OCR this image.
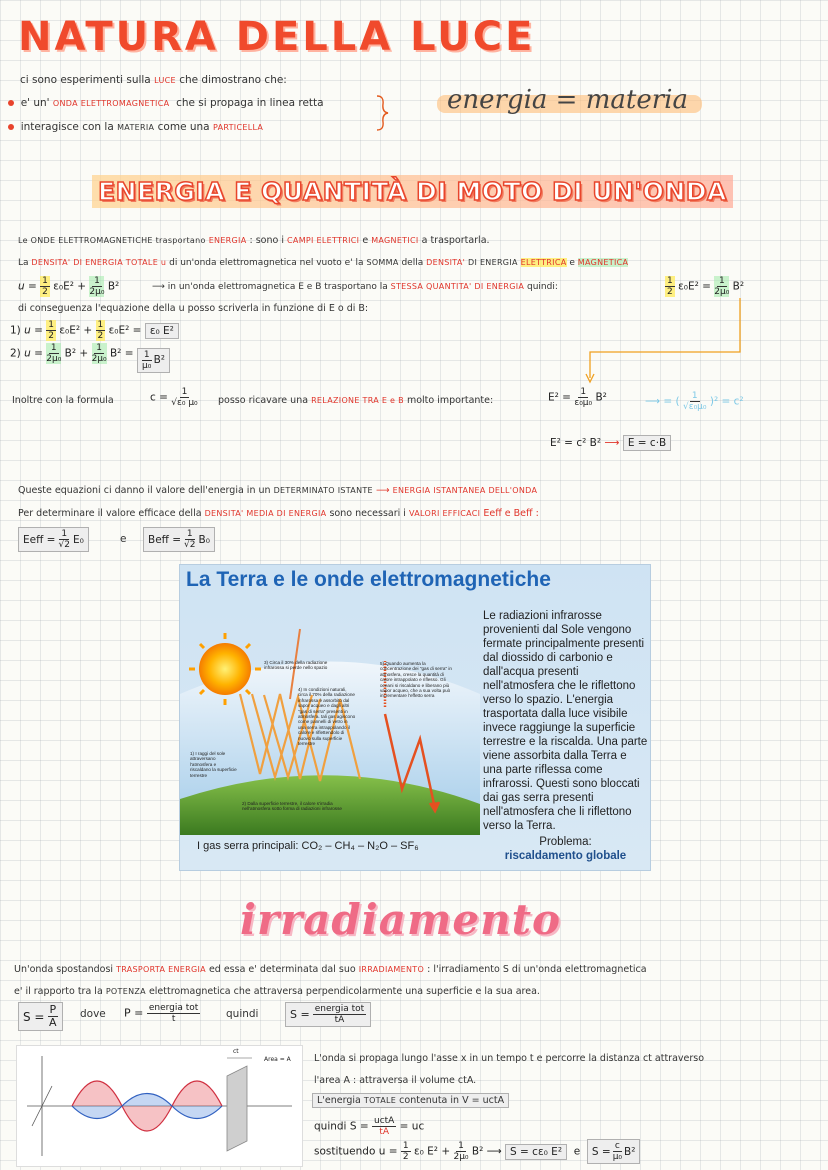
NATURA DELLA LUCE
ci sono esperimenti sulla LUCE che dimostrano che:
e' un' ONDA ELETTROMAGNETICA che si propaga in linea retta
interagisce con la MATERIA come una PARTICELLA
energia = materia
ENERGIA E QUANTITÀ DI MOTO DI UN'ONDA
Le ONDE ELETTROMAGNETICHE trasportano ENERGIA : sono i CAMPI ELETTRICI e MAGNETICI a trasportarla.
La DENSITA' DI ENERGIA TOTALE u di un'onda elettromagnetica nel vuoto e' la SOMMA della DENSITA' DI ENERGIA ELETTRICA e MAGNETICA
$u = \frac{1}{2} \varepsilon_0E^2 + \frac{1}{\text{2μ₀}} B^2$	⟶ in un'onda elettromagnetica E e B trasportano la STESSA QUANTITA' DI ENERGIA quindi:	$\frac{1}{2} \varepsilon_0E^2 = \frac{1}{\text{2μ₀}} B^2$
di conseguenza l'equazione della u posso scriverla in funzione di E o di B:
1) $u = \frac{1}{2} \varepsilon_0E^2 + \frac{1}{2} \varepsilon_0E^2 = \varepsilon_0$ E²
2) $u = \frac{1}{\text{2μ₀}} B^2 + \frac{1}{\text{2μ₀}} B^2 = \frac{1}{\text{μ₀}} B^2$
Inoltre con la formula	$c = \frac{1}{\text{√ε₀ μ₀}}$ posso ricavare una RELAZIONE TRA E e B molto importante:	$E^2 = \frac{1}{\text{ε₀μ₀}} B^2$	⟶ = ( $\frac{1}{\text{√ε₀μ₀}} )^2 = c^2$
E² = c² B² ⟶ E = c·B
Queste equazioni ci danno il valore dell'energia in un DETERMINATO ISTANTE ⟶ ENERGIA ISTANTANEA DELL'ONDA
Per determinare il valore efficace della DENSITA' MEDIA DI ENERGIA sono necessari i VALORI EFFICACI Eeff e Beff :
Eeff = $\frac{1}{√2} E_0$	e Beff = $\frac{1}{√2} B_0$
La Terra e le onde elettromagnetiche
3) Circa il 30% della radiazione infrarossa si perde nello spazio
4) In condizioni naturali, circa il 70% della radiazione infrarossa è assorbito dal vapor acqueo e dagli altri "gas di serra" presenti in atmosfera. tali gas agiscono come pannelli di vetro in una serra intrappolando il calore e riflettendolo di nuovo sulla superficie terrestre
5) Quando aumenta la concentrazione dei "gas di serra" in atmosfera, cresce la quantità di calore intrappolato e riflesso. Gli oceani si riscaldano e liberano più vapor acqueo, che a sua volta può incrementare l'effetto serra
1) I raggi del sole attraversano l'atmosfera e riscaldano la superficie terrestre
2) Dalla superficie terrestre, il calore s'irradia nell'atmosfera sotto forma di radiazioni infrarosse
Le radiazioni infrarosse provenienti dal Sole vengono fermate principalmente presenti dal diossido di carbonio e dall'acqua presenti nell'atmosfera che le riflettono verso lo spazio. L'energia trasportata dalla luce visibile invece raggiunge la superficie terrestre e la riscalda. Una parte viene assorbita dalla Terra e una parte riflessa come infrarossi. Questi sono bloccati dai gas serra presenti nell'atmosfera che li riflettono verso la Terra.
I gas serra principali: CO₂ – CH₄ – N₂O – SF₆	Problema:
riscaldamento globale
irradiamento
Un'onda spostandosi TRASPORTA ENERGIA ed essa e' determinata dal suo IRRADIAMENTO : l'irradiamento S di un'onda elettromagnetica
e' il rapporto tra la POTENZA elettromagnetica che attraversa perpendicolarmente una superficie e la sua area.
$S = \frac{P}{A}$ dove $P = \frac{\text{energia tot}}{t}$ quindi	$S = \frac{\text{energia tot}}{tA}$
Area = A
ct
L'onda si propaga lungo l'asse x in un tempo t e percorre la distanza ct attraverso
l'area A : attraversa il volume ctA.
L'energia TOTALE contenuta in V = uctA
quindi $S = \frac{\text{uctA}}{tA}$ = uc
sostituendo $u = \frac{1}{2} \varepsilon_0$ $E^2 + \frac{1}{\text{2μ₀}} B^2$ ⟶ S = cε₀ E² e $S = \frac{c}{\text{μ₀}} B^2$
